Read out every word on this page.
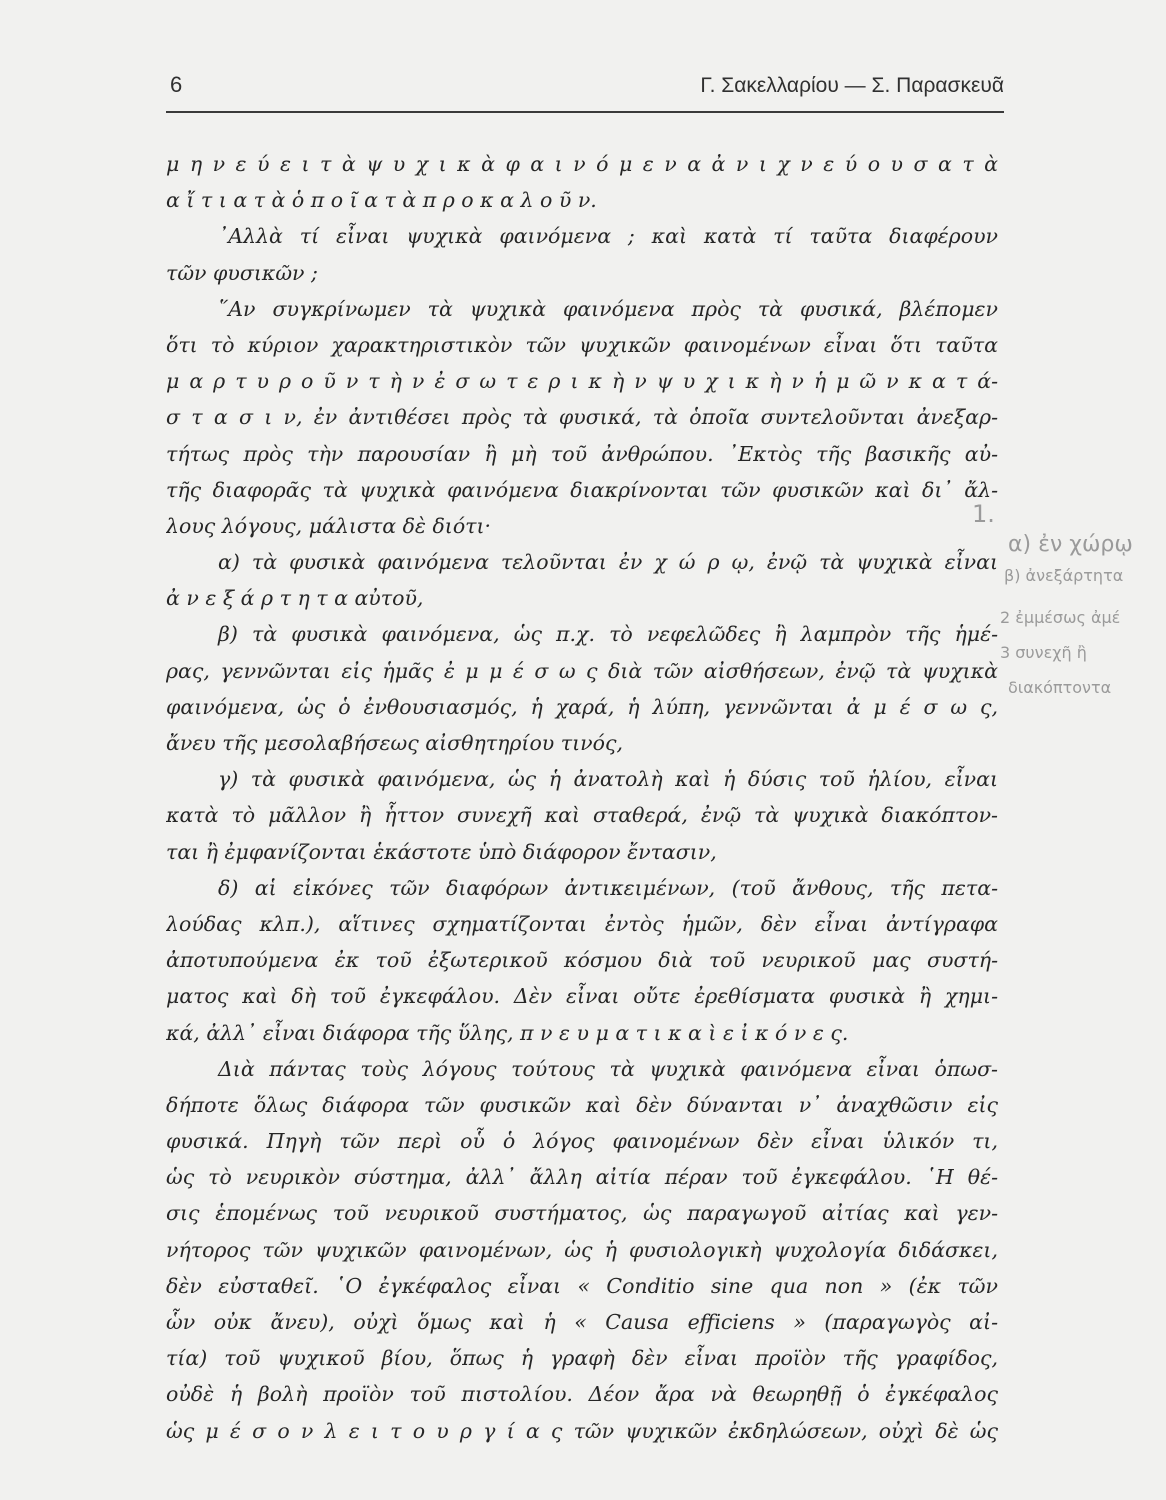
6	Γ. Σακελλαρίου — Σ. Παρασκευᾶ
μ η ν ε ύ ε ι τ ὰ ψ υ χ ι κ ὰ φ α ι ν ό μ ε ν α ἀ ν ι χ ν ε ύ ο υ σ α τ ὰ
α ἴ τ ι α τ ὰ ὁ π ο ῖ α τ ὰ π ρ ο κ α λ ο ῦ ν.
᾿Αλλὰ τί εἶναι ψυχικὰ φαινόμενα ; καὶ κατὰ τί ταῦτα διαφέρουν
τῶν φυσικῶν ;
῞Αν συγκρίνωμεν τὰ ψυχικὰ φαινόμενα πρὸς τὰ φυσικά, βλέπομεν
ὅτι τὸ κύριον χαρακτηριστικὸν τῶν ψυχικῶν φαινομένων εἶναι ὅτι ταῦτα
μ α ρ τ υ ρ ο ῦ ν τ ὴ ν ἐ σ ω τ ε ρ ι κ ὴ ν ψ υ χ ι κ ὴ ν ἡ μ ῶ ν κ α τ ά-
σ τ α σ ι ν, ἐν ἀντιθέσει πρὸς τὰ φυσικά, τὰ ὁποῖα συντελοῦνται ἀνεξαρ-
τήτως πρὸς τὴν παρουσίαν ἢ μὴ τοῦ ἀνθρώπου. ᾿Εκτὸς τῆς βασικῆς αὐ-
τῆς διαφορᾶς τὰ ψυχικὰ φαινόμενα διακρίνονται τῶν φυσικῶν καὶ δι᾿ ἄλ-
λους λόγους, μάλιστα δὲ διότι·
α) τὰ φυσικὰ φαινόμενα τελοῦνται ἐν χ ώ ρ ῳ, ἐνῷ τὰ ψυχικὰ εἶναι
ἀ ν ε ξ ά ρ τ η τ α αὐτοῦ,
β) τὰ φυσικὰ φαινόμενα, ὡς π.χ. τὸ νεφελῶδες ἢ λαμπρὸν τῆς ἡμέ-
ρας, γεννῶνται εἰς ἡμᾶς ἐ μ μ έ σ ω ς διὰ τῶν αἰσθήσεων, ἐνῷ τὰ ψυχικὰ
φαινόμενα, ὡς ὁ ἐνθουσιασμός, ἡ χαρά, ἡ λύπη, γεννῶνται ἀ μ έ σ ω ς,
ἄνευ τῆς μεσολαβήσεως αἰσθητηρίου τινός,
γ) τὰ φυσικὰ φαινόμενα, ὡς ἡ ἀνατολὴ καὶ ἡ δύσις τοῦ ἡλίου, εἶναι
κατὰ τὸ μᾶλλον ἢ ἧττον συνεχῆ καὶ σταθερά, ἐνῷ τὰ ψυχικὰ διακόπτον-
ται ἢ ἐμφανίζονται ἑκάστοτε ὑπὸ διάφορον ἔντασιν,
δ) αἱ εἰκόνες τῶν διαφόρων ἀντικειμένων, (τοῦ ἄνθους, τῆς πετα-
λούδας κλπ.), αἵτινες σχηματίζονται ἐντὸς ἡμῶν, δὲν εἶναι ἀντίγραφα
ἀποτυπούμενα ἐκ τοῦ ἐξωτερικοῦ κόσμου διὰ τοῦ νευρικοῦ μας συστή-
ματος καὶ δὴ τοῦ ἐγκεφάλου. Δὲν εἶναι οὔτε ἐρεθίσματα φυσικὰ ἢ χημι-
κά, ἀλλ᾿ εἶναι διάφορα τῆς ὕλης, π ν ε υ μ α τ ι κ α ὶ ε ἰ κ ό ν ε ς.
Διὰ πάντας τοὺς λόγους τούτους τὰ ψυχικὰ φαινόμενα εἶναι ὁπωσ-
δήποτε ὅλως διάφορα τῶν φυσικῶν καὶ δὲν δύνανται ν᾿ ἀναχθῶσιν εἰς
φυσικά. Πηγὴ τῶν περὶ οὗ ὁ λόγος φαινομένων δὲν εἶναι ὑλικόν τι,
ὡς τὸ νευρικὸν σύστημα, ἀλλ᾿ ἄλλη αἰτία πέραν τοῦ ἐγκεφάλου. ῾Η θέ-
σις ἑπομένως τοῦ νευρικοῦ συστήματος, ὡς παραγωγοῦ αἰτίας καὶ γεν-
νήτορος τῶν ψυχικῶν φαινομένων, ὡς ἡ φυσιολογικὴ ψυχολογία διδάσκει,
δὲν εὐσταθεῖ. ῾Ο ἐγκέφαλος εἶναι « Conditio sine qua non » (ἐκ τῶν
ὧν οὐκ ἄνευ), οὐχὶ ὅμως καὶ ἡ « Causa efficiens » (παραγωγὸς αἰ-
τία) τοῦ ψυχικοῦ βίου, ὅπως ἡ γραφὴ δὲν εἶναι προϊὸν τῆς γραφίδος,
οὐδὲ ἡ βολὴ προϊὸν τοῦ πιστολίου. Δέον ἄρα νὰ θεωρηθῇ ὁ ἐγκέφαλος
ὡς μ έ σ ο ν λ ε ι τ ο υ ρ γ ί α ς τῶν ψυχικῶν ἐκδηλώσεων, οὐχὶ δὲ ὡς
1.
α) ἐν χώρῳ
β) ἀνεξάρτητα
2 ἐμμέσως ἀμέ
3 συνεχῆ ἢ
διακόπτοντα
